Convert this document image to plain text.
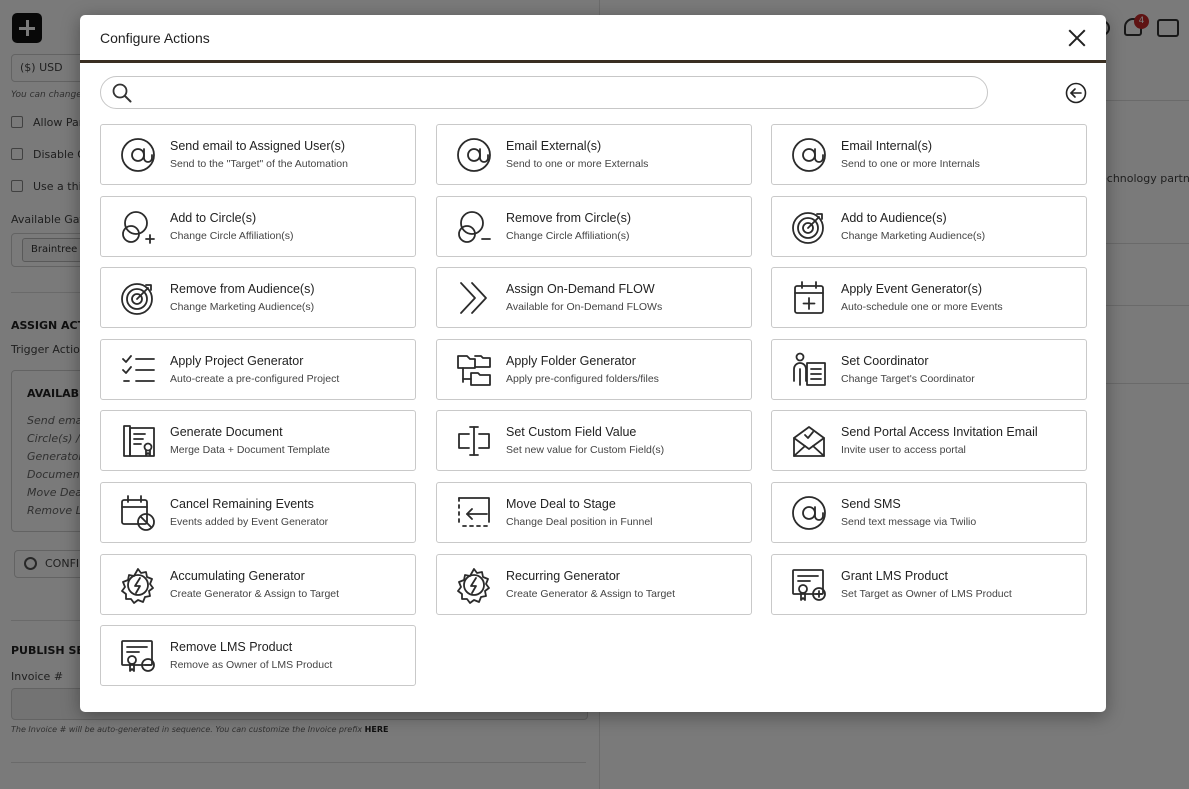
Configure Actions
Send email to Assigned User(s)
Send to the "Target" of the Automation
Email External(s)
Send to one or more Externals
Email Internal(s)
Send to one or more Internals
Add to Circle(s)
Change Circle Affiliation(s)
Remove from Circle(s)
Change Circle Affiliation(s)
Add to Audience(s)
Change Marketing Audience(s)
Remove from Audience(s)
Change Marketing Audience(s)
Assign On-Demand FLOW
Available for On-Demand FLOWs
Apply Event Generator(s)
Auto-schedule one or more Events
Apply Project Generator
Auto-create a pre-configured Project
Apply Folder Generator
Apply pre-configured folders/files
Set Coordinator
Change Target's Coordinator
Generate Document
Merge Data + Document Template
Set Custom Field Value
Set new value for Custom Field(s)
Send Portal Access Invitation Email
Invite user to access portal
Cancel Remaining Events
Events added by Event Generator
Move Deal to Stage
Change Deal position in Funnel
Send SMS
Send text message via Twilio
Accumulating Generator
Create Generator & Assign to Target
Recurring Generator
Create Generator & Assign to Target
Grant LMS Product
Set Target as Owner of LMS Product
Remove LMS Product
Remove as Owner of LMS Product
